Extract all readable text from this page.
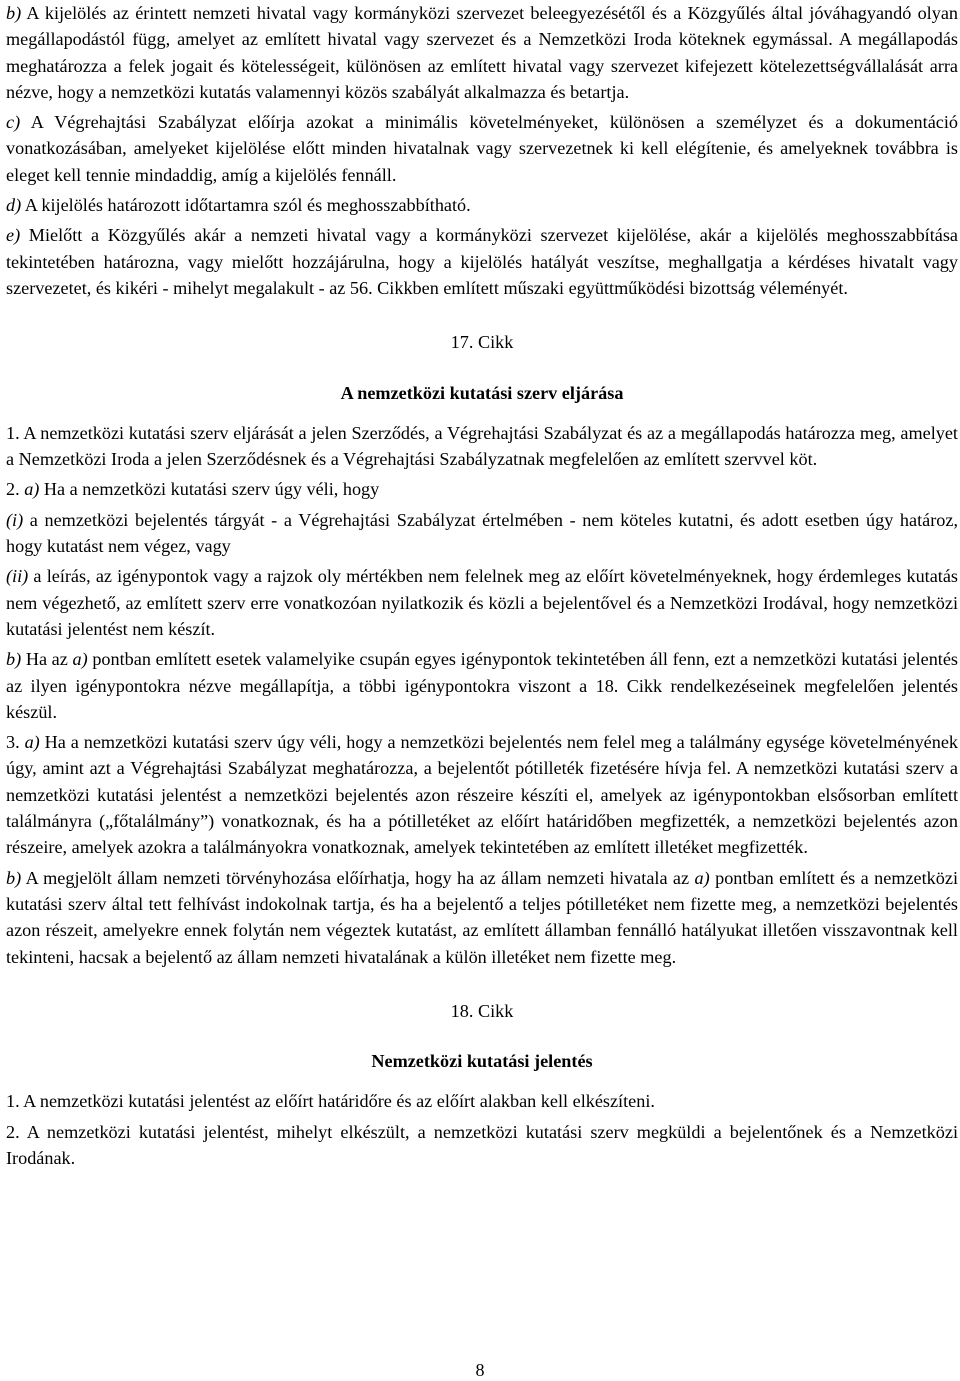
b) A kijelölés az érintett nemzeti hivatal vagy kormányközi szervezet beleegyezésétől és a Közgyűlés által jóváhagyandó olyan megállapodástól függ, amelyet az említett hivatal vagy szervezet és a Nemzetközi Iroda köteknek egymással. A megállapodás meghatározza a felek jogait és kötelességeit, különösen az említett hivatal vagy szervezet kifejezett kötelezettségvállalását arra nézve, hogy a nemzetközi kutatás valamennyi közös szabályát alkalmazza és betartja.

c) A Végrehajtási Szabályzat előírja azokat a minimális követelményeket, különösen a személyzet és a dokumentáció vonatkozásában, amelyeket kijelölése előtt minden hivatalnak vagy szervezetnek ki kell elégítenie, és amelyeknek továbbra is eleget kell tennie mindaddig, amíg a kijelölés fennáll.

d) A kijelölés határozott időtartamra szól és meghosszabbítható.

e) Mielőtt a Közgyűlés akár a nemzeti hivatal vagy a kormányközi szervezet kijelölése, akár a kijelölés meghosszabbítása tekintetében határozna, vagy mielőtt hozzájárulna, hogy a kijelölés hatályát veszítse, meghallgatja a kérdéses hivatalt vagy szervezetet, és kikéri - mihelyt megalakult - az 56. Cikkben említett műszaki együttműködési bizottság véleményét.

17. Cikk

A nemzetközi kutatási szerv eljárása

1. A nemzetközi kutatási szerv eljárását a jelen Szerződés, a Végrehajtási Szabályzat és az a megállapodás határozza meg, amelyet a Nemzetközi Iroda a jelen Szerződésnek és a Végrehajtási Szabályzatnak megfelelően az említett szervvel köt.

2. a) Ha a nemzetközi kutatási szerv úgy véli, hogy

(i) a nemzetközi bejelentés tárgyát - a Végrehajtási Szabályzat értelmében - nem köteles kutatni, és adott esetben úgy határoz, hogy kutatást nem végez, vagy

(ii) a leírás, az igénypontok vagy a rajzok oly mértékben nem felelnek meg az előírt követelményeknek, hogy érdemleges kutatás nem végezhető, az említett szerv erre vonatkozóan nyilatkozik és közli a bejelentővel és a Nemzetközi Irodával, hogy nemzetközi kutatási jelentést nem készít.

b) Ha az a) pontban említett esetek valamelyike csupán egyes igénypontok tekintetében áll fenn, ezt a nemzetközi kutatási jelentés az ilyen igénypontokra nézve megállapítja, a többi igénypontokra viszont a 18. Cikk rendelkezéseinek megfelelően jelentés készül.

3. a) Ha a nemzetközi kutatási szerv úgy véli, hogy a nemzetközi bejelentés nem felel meg a találmány egysége követelményének úgy, amint azt a Végrehajtási Szabályzat meghatározza, a bejelentőt pótilleték fizetésére hívja fel. A nemzetközi kutatási szerv a nemzetközi kutatási jelentést a nemzetközi bejelentés azon részeire készíti el, amelyek az igénypontokban elsősorban említett találmányra („főtalálmány”) vonatkoznak, és ha a pótilletéket az előírt határidőben megfizették, a nemzetközi bejelentés azon részeire, amelyek azokra a találmányokra vonatkoznak, amelyek tekintetében az említett illetéket megfizették.

b) A megjelölt állam nemzeti törvényhozása előírhatja, hogy ha az állam nemzeti hivatala az a) pontban említett és a nemzetközi kutatási szerv által tett felhívást indokolnak tartja, és ha a bejelentő a teljes pótilletéket nem fizette meg, a nemzetközi bejelentés azon részeit, amelyekre ennek folytán nem végeztek kutatást, az említett államban fennálló hatályukat illetően visszavontnak kell tekinteni, hacsak a bejelentő az állam nemzeti hivatalának a külön illetéket nem fizette meg.

18. Cikk

Nemzetközi kutatási jelentés

1. A nemzetközi kutatási jelentést az előírt határidőre és az előírt alakban kell elkészíteni.

2. A nemzetközi kutatási jelentést, mihelyt elkészült, a nemzetközi kutatási szerv megküldi a bejelentőnek és a Nemzetközi Irodának.

8
